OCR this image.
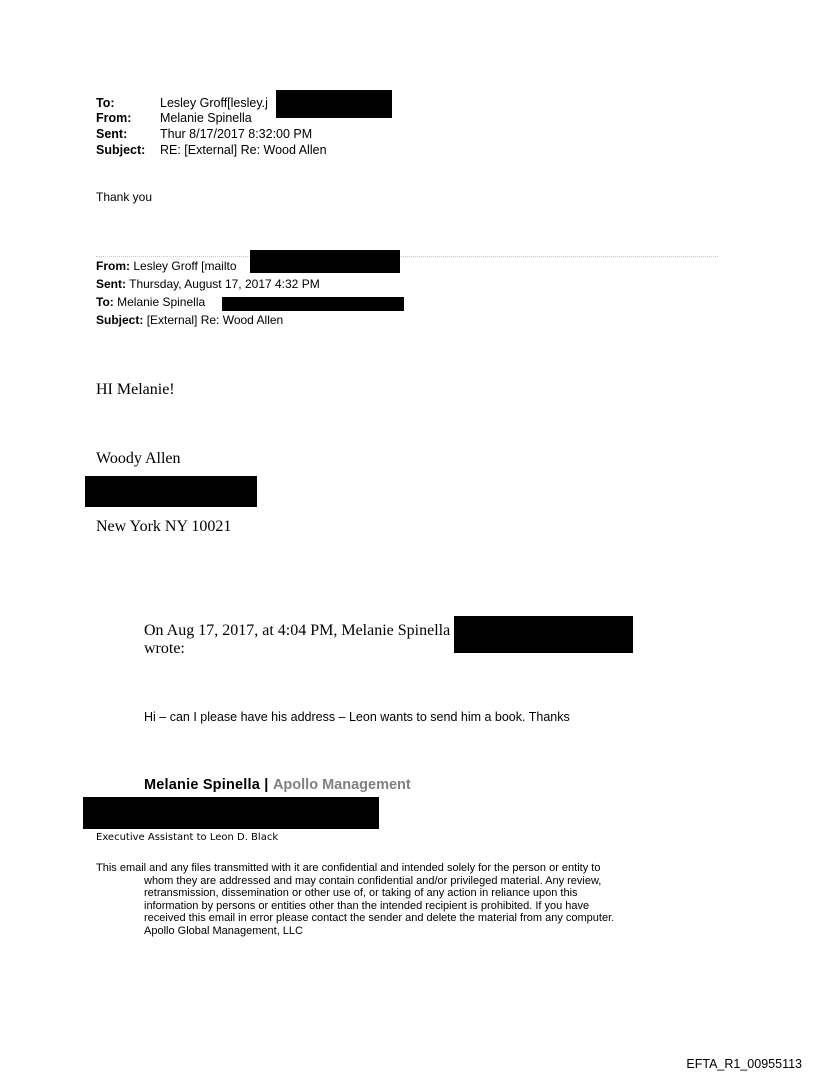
To:	Lesley Groff[lesley.j
From: Melanie Spinella
Sent:	Thur 8/17/2017 8:32:00 PM
Subject: RE: [External] Re: Wood Allen
Thank you
From: Lesley Groff [mailto
Sent: Thursday, August 17, 2017 4:32 PM
To: Melanie Spinella
Subject: [External] Re: Wood Allen
HI Melanie!
Woody Allen
New York NY 10021
On Aug 17, 2017, at 4:04 PM, Melanie Spinella
wrote:
Hi – can I please have his address – Leon wants to send him a book. Thanks
Melanie Spinella | Apollo Management
Executive Assistant to Leon D. Black
This email and any files transmitted with it are confidential and intended solely for the person or entity to
whom they are addressed and may contain confidential and/or privileged material. Any review,
retransmission, dissemination or other use of, or taking of any action in reliance upon this
information by persons or entities other than the intended recipient is prohibited. If you have
received this email in error please contact the sender and delete the material from any computer.
Apollo Global Management, LLC
EFTA_R1_00955113
